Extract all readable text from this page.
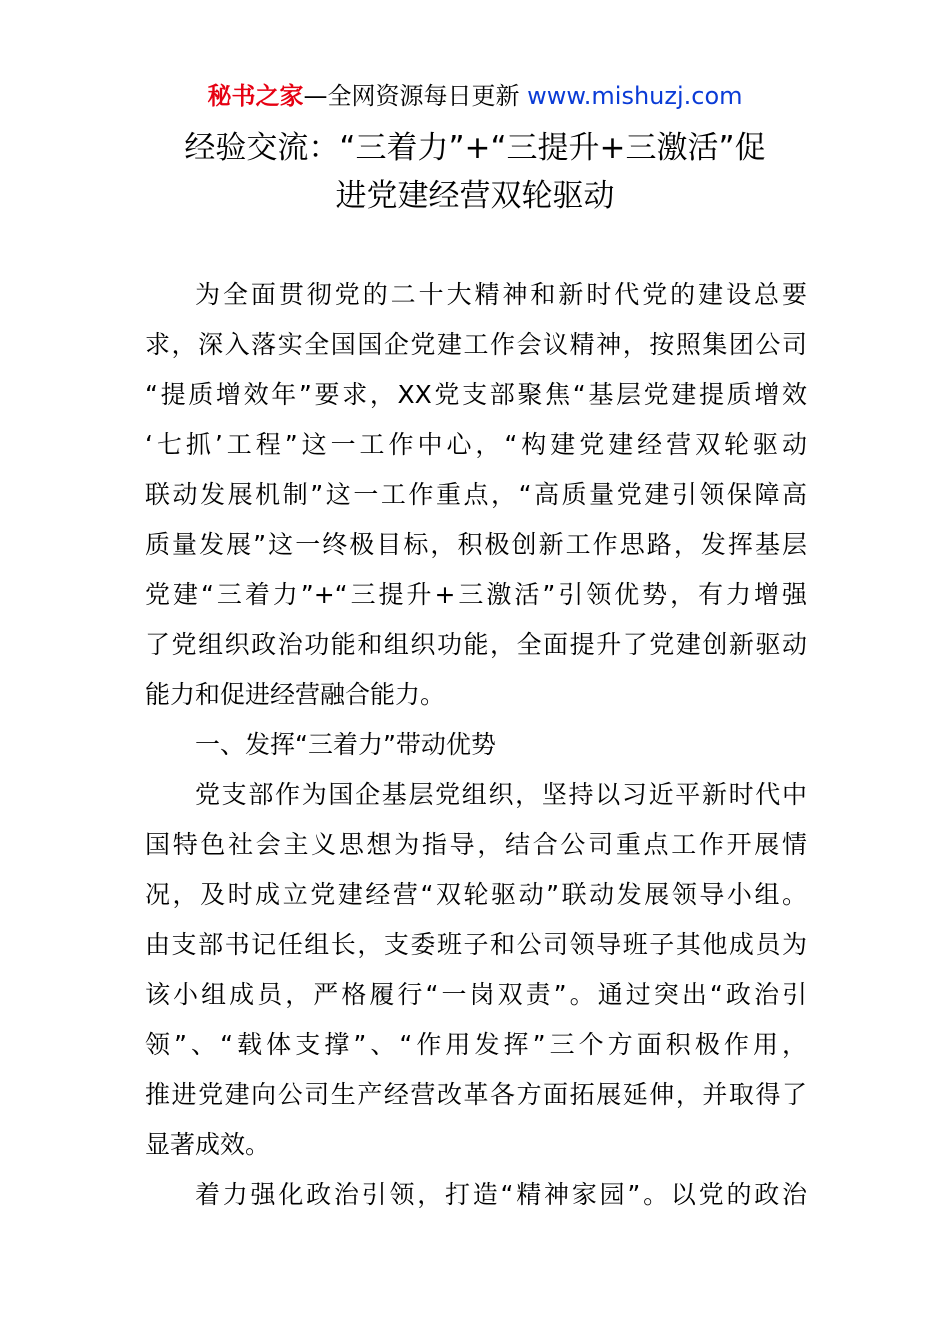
秘书之家—全网资源每日更新 www.mishuzj.com
经验交流：“三着力”+“三提升+三激活”促
进党建经营双轮驱动
为全面贯彻党的二十大精神和新时代党的建设总要
求，深入落实全国国企党建工作会议精神，按照集团公司
“提质增效年”要求，XX党支部聚焦“基层党建提质增效
‘七抓’工程”这一工作中心，“构建党建经营双轮驱动
联动发展机制”这一工作重点，“高质量党建引领保障高
质量发展”这一终极目标，积极创新工作思路，发挥基层
党建“三着力”+“三提升+三激活”引领优势，有力增强
了党组织政治功能和组织功能，全面提升了党建创新驱动
能力和促进经营融合能力。
一、发挥“三着力”带动优势
党支部作为国企基层党组织，坚持以习近平新时代中
国特色社会主义思想为指导，结合公司重点工作开展情
况，及时成立党建经营“双轮驱动”联动发展领导小组。
由支部书记任组长，支委班子和公司领导班子其他成员为
该小组成员，严格履行“一岗双责”。通过突出“政治引
领”、“载体支撑”、“作用发挥”三个方面积极作用，
推进党建向公司生产经营改革各方面拓展延伸，并取得了
显著成效。
着力强化政治引领，打造“精神家园”。以党的政治
